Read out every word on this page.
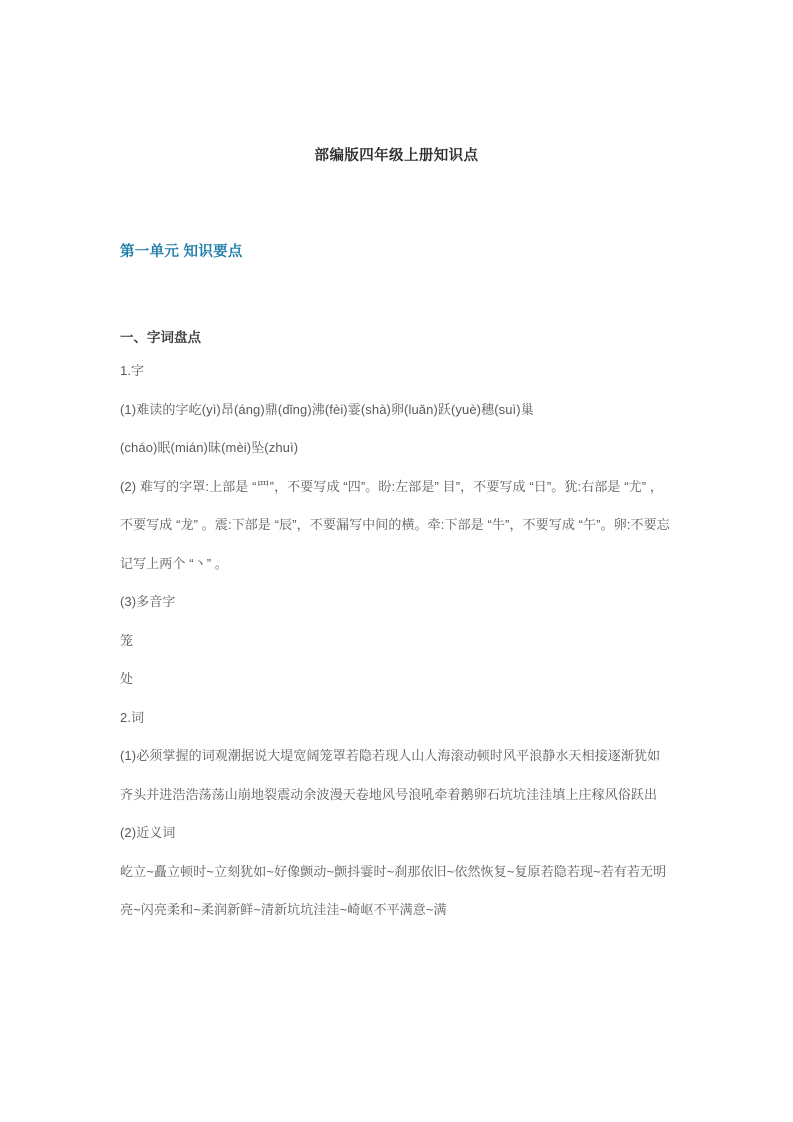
部编版四年级上册知识点
第一单元 知识要点
一、字词盘点

1.字

(1)难读的字屹(yì)昂(áng)鼎(dǐng)沸(fèi)霎(shà)卵(luǎn)跃(yuè)穗(suì)巢

(cháo)眠(mián)昧(mèi)坠(zhuì)

(2) 难写的字罩:上部是 “罒”，不要写成 “四”。盼:左部是” 目”，不要写成 “日”。犹:右部是 “尤” ，不要写成 “龙” 。震:下部是 “辰”，不要漏写中间的横。牵:下部是 “牛”，不要写成 “午”。卵:不要忘记写上两个 “丶” 。

(3)多音字

笼

处

2.词

(1)必须掌握的词观潮据说大堤宽阔笼罩若隐若现人山人海滚动顿时风平浪静水天相接逐渐犹如齐头并进浩浩荡荡山崩地裂震动余波漫天卷地风号浪吼牵着鹅卵石坑坑洼洼填上庄稼风俗跃出

(2)近义词

屹立~矗立顿时~立刻犹如~好像颤动~颤抖霎时~刹那依旧~依然恢复~复原若隐若现~若有若无明亮~闪亮柔和~柔润新鲜~清新坑坑洼洼~崎岖不平满意~满
